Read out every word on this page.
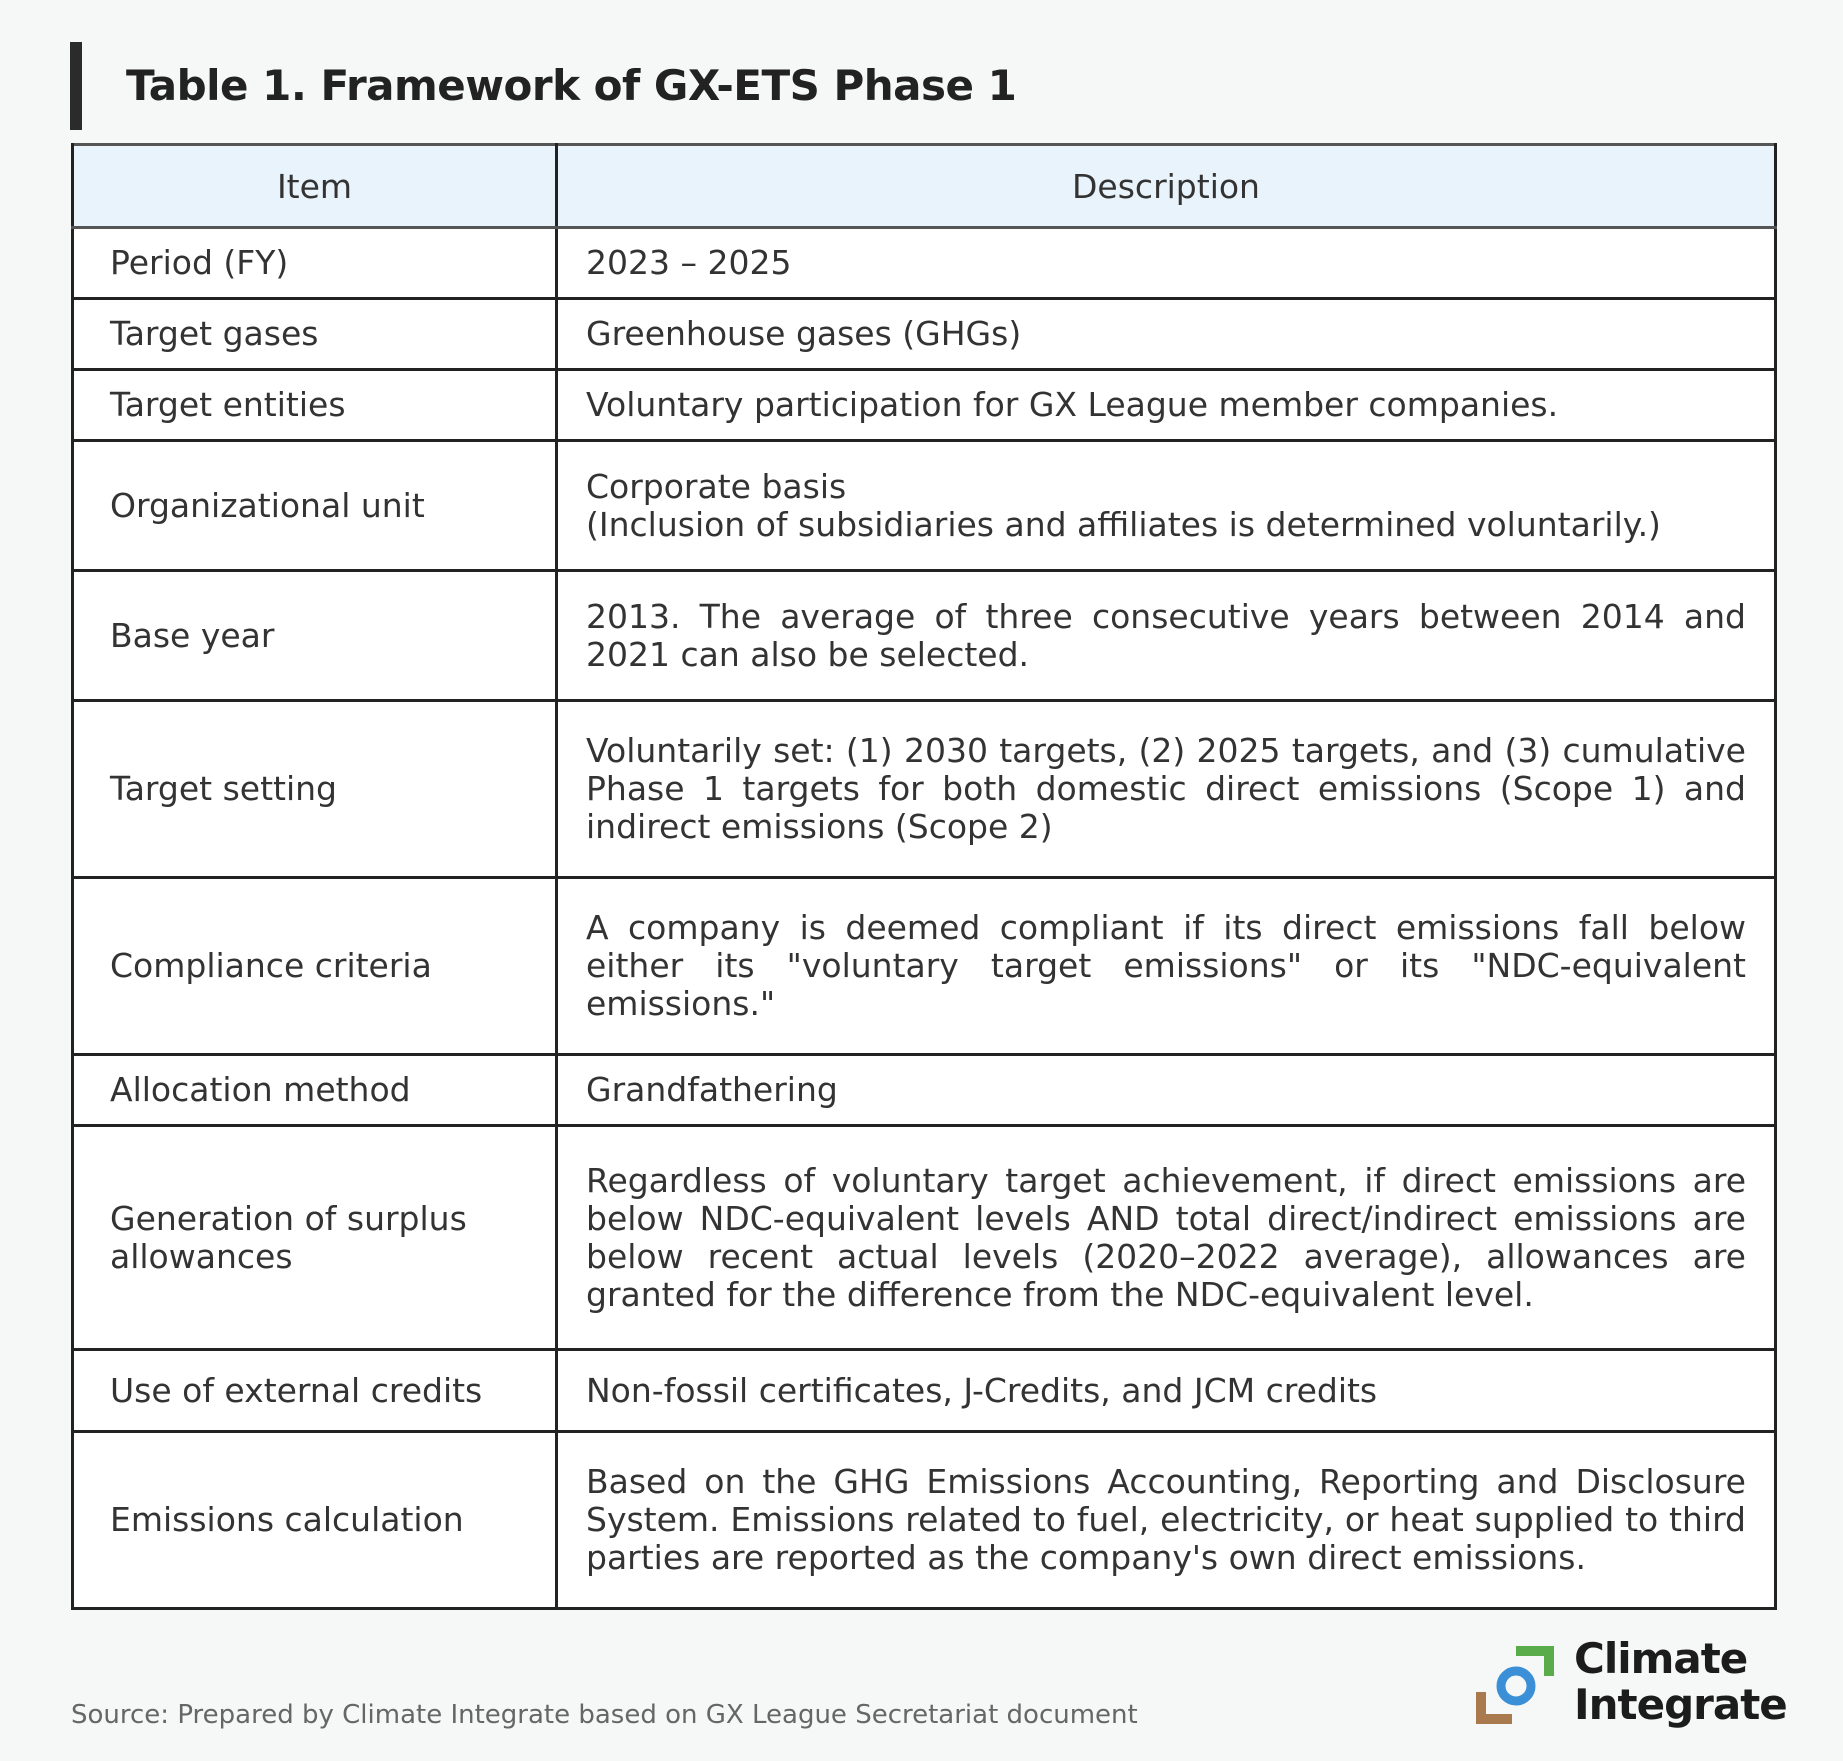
Table 1. Framework of GX-ETS Phase 1
Item	Description
Period (FY)	2023 – 2025

Target gases	Greenhouse gases (GHGs)

Target entities	Voluntary participation for GX League member companies.

Organizational unit	Corporate basis
(Inclusion of subsidiaries and affiliates is determined voluntarily.)

Base year	2013. The average of three consecutive years between 2014 and 2021 can also be selected.

Target setting	Voluntarily set: (1) 2030 targets, (2) 2025 targets, and (3) cumulative Phase 1 targets for both domestic direct emissions (Scope 1) and indirect emissions (Scope 2)

Compliance criteria	A company is deemed compliant if its direct emissions fall below either its "voluntary target emissions" or its "NDC-equivalent emissions."

Allocation method	Grandfathering

Generation of surplus allowances	Regardless of voluntary target achievement, if direct emissions are below NDC-equivalent levels AND total direct/indirect emissions are below recent actual levels (2020–2022 average), allowances are granted for the difference from the NDC-equivalent level.

Use of external credits	Non-fossil certificates, J-Credits, and JCM credits

Emissions calculation	Based on the GHG Emissions Accounting, Reporting and Disclosure System. Emissions related to fuel, electricity, or heat supplied to third parties are reported as the company's own direct emissions.
Source: Prepared by Climate Integrate based on GX League Secretariat document
Climate
Integrate
